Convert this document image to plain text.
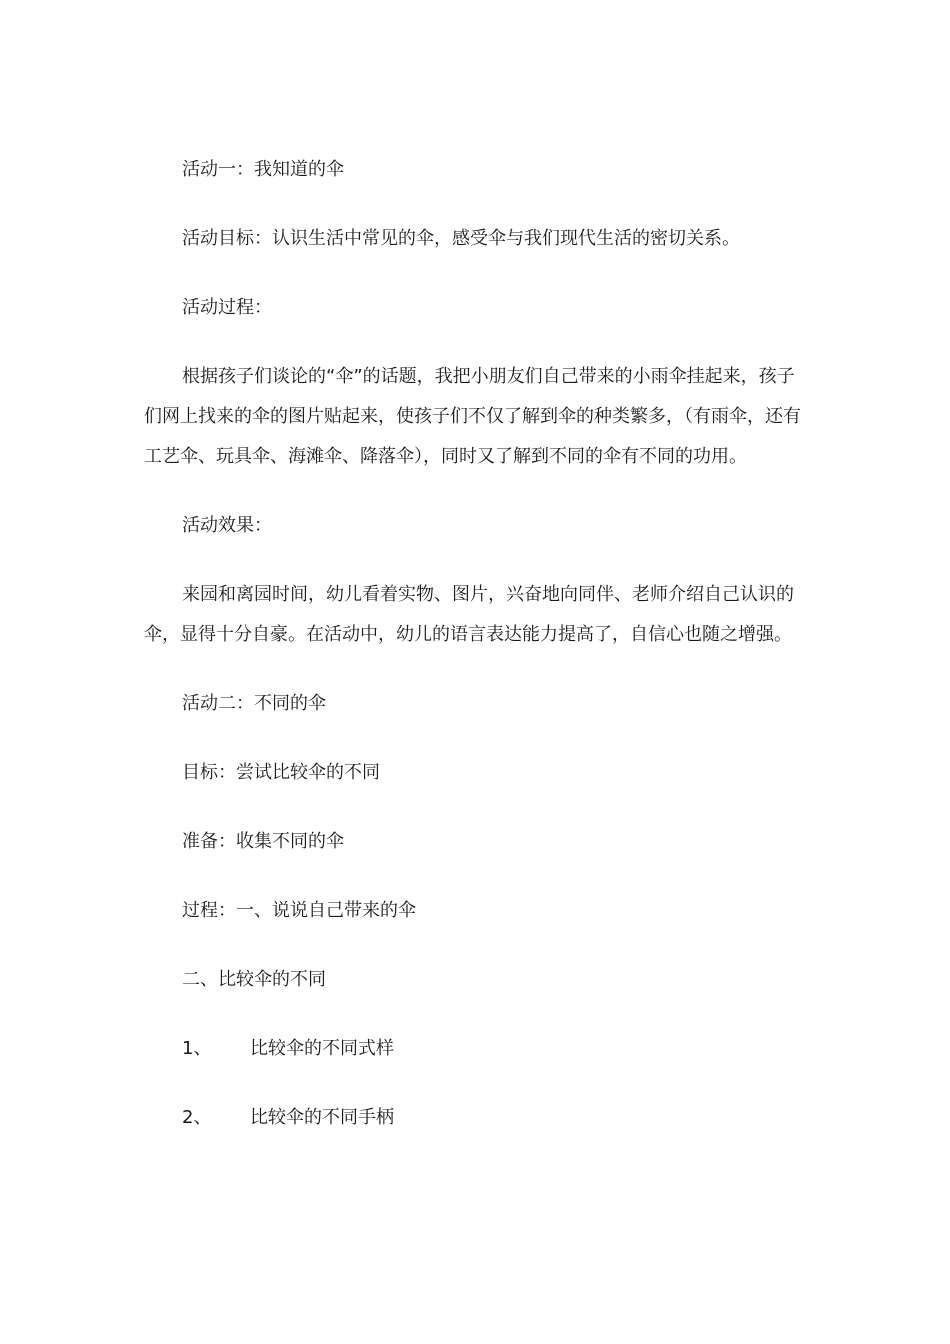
活动一：我知道的伞

活动目标：认识生活中常见的伞，感受伞与我们现代生活的密切关系。

活动过程：

根据孩子们谈论的“伞”的话题，我把小朋友们自己带来的小雨伞挂起来，孩子们网上找来的伞的图片贴起来，使孩子们不仅了解到伞的种类繁多，（有雨伞，还有工艺伞、玩具伞、海滩伞、降落伞），同时又了解到不同的伞有不同的功用。

活动效果：

来园和离园时间，幼儿看着实物、图片，兴奋地向同伴、老师介绍自己认识的伞，显得十分自豪。在活动中，幼儿的语言表达能力提高了，自信心也随之增强。

活动二：不同的伞

目标：尝试比较伞的不同

准备：收集不同的伞

过程：一、说说自己带来的伞

二、比较伞的不同

1、	比较伞的不同式样

2、	比较伞的不同手柄
